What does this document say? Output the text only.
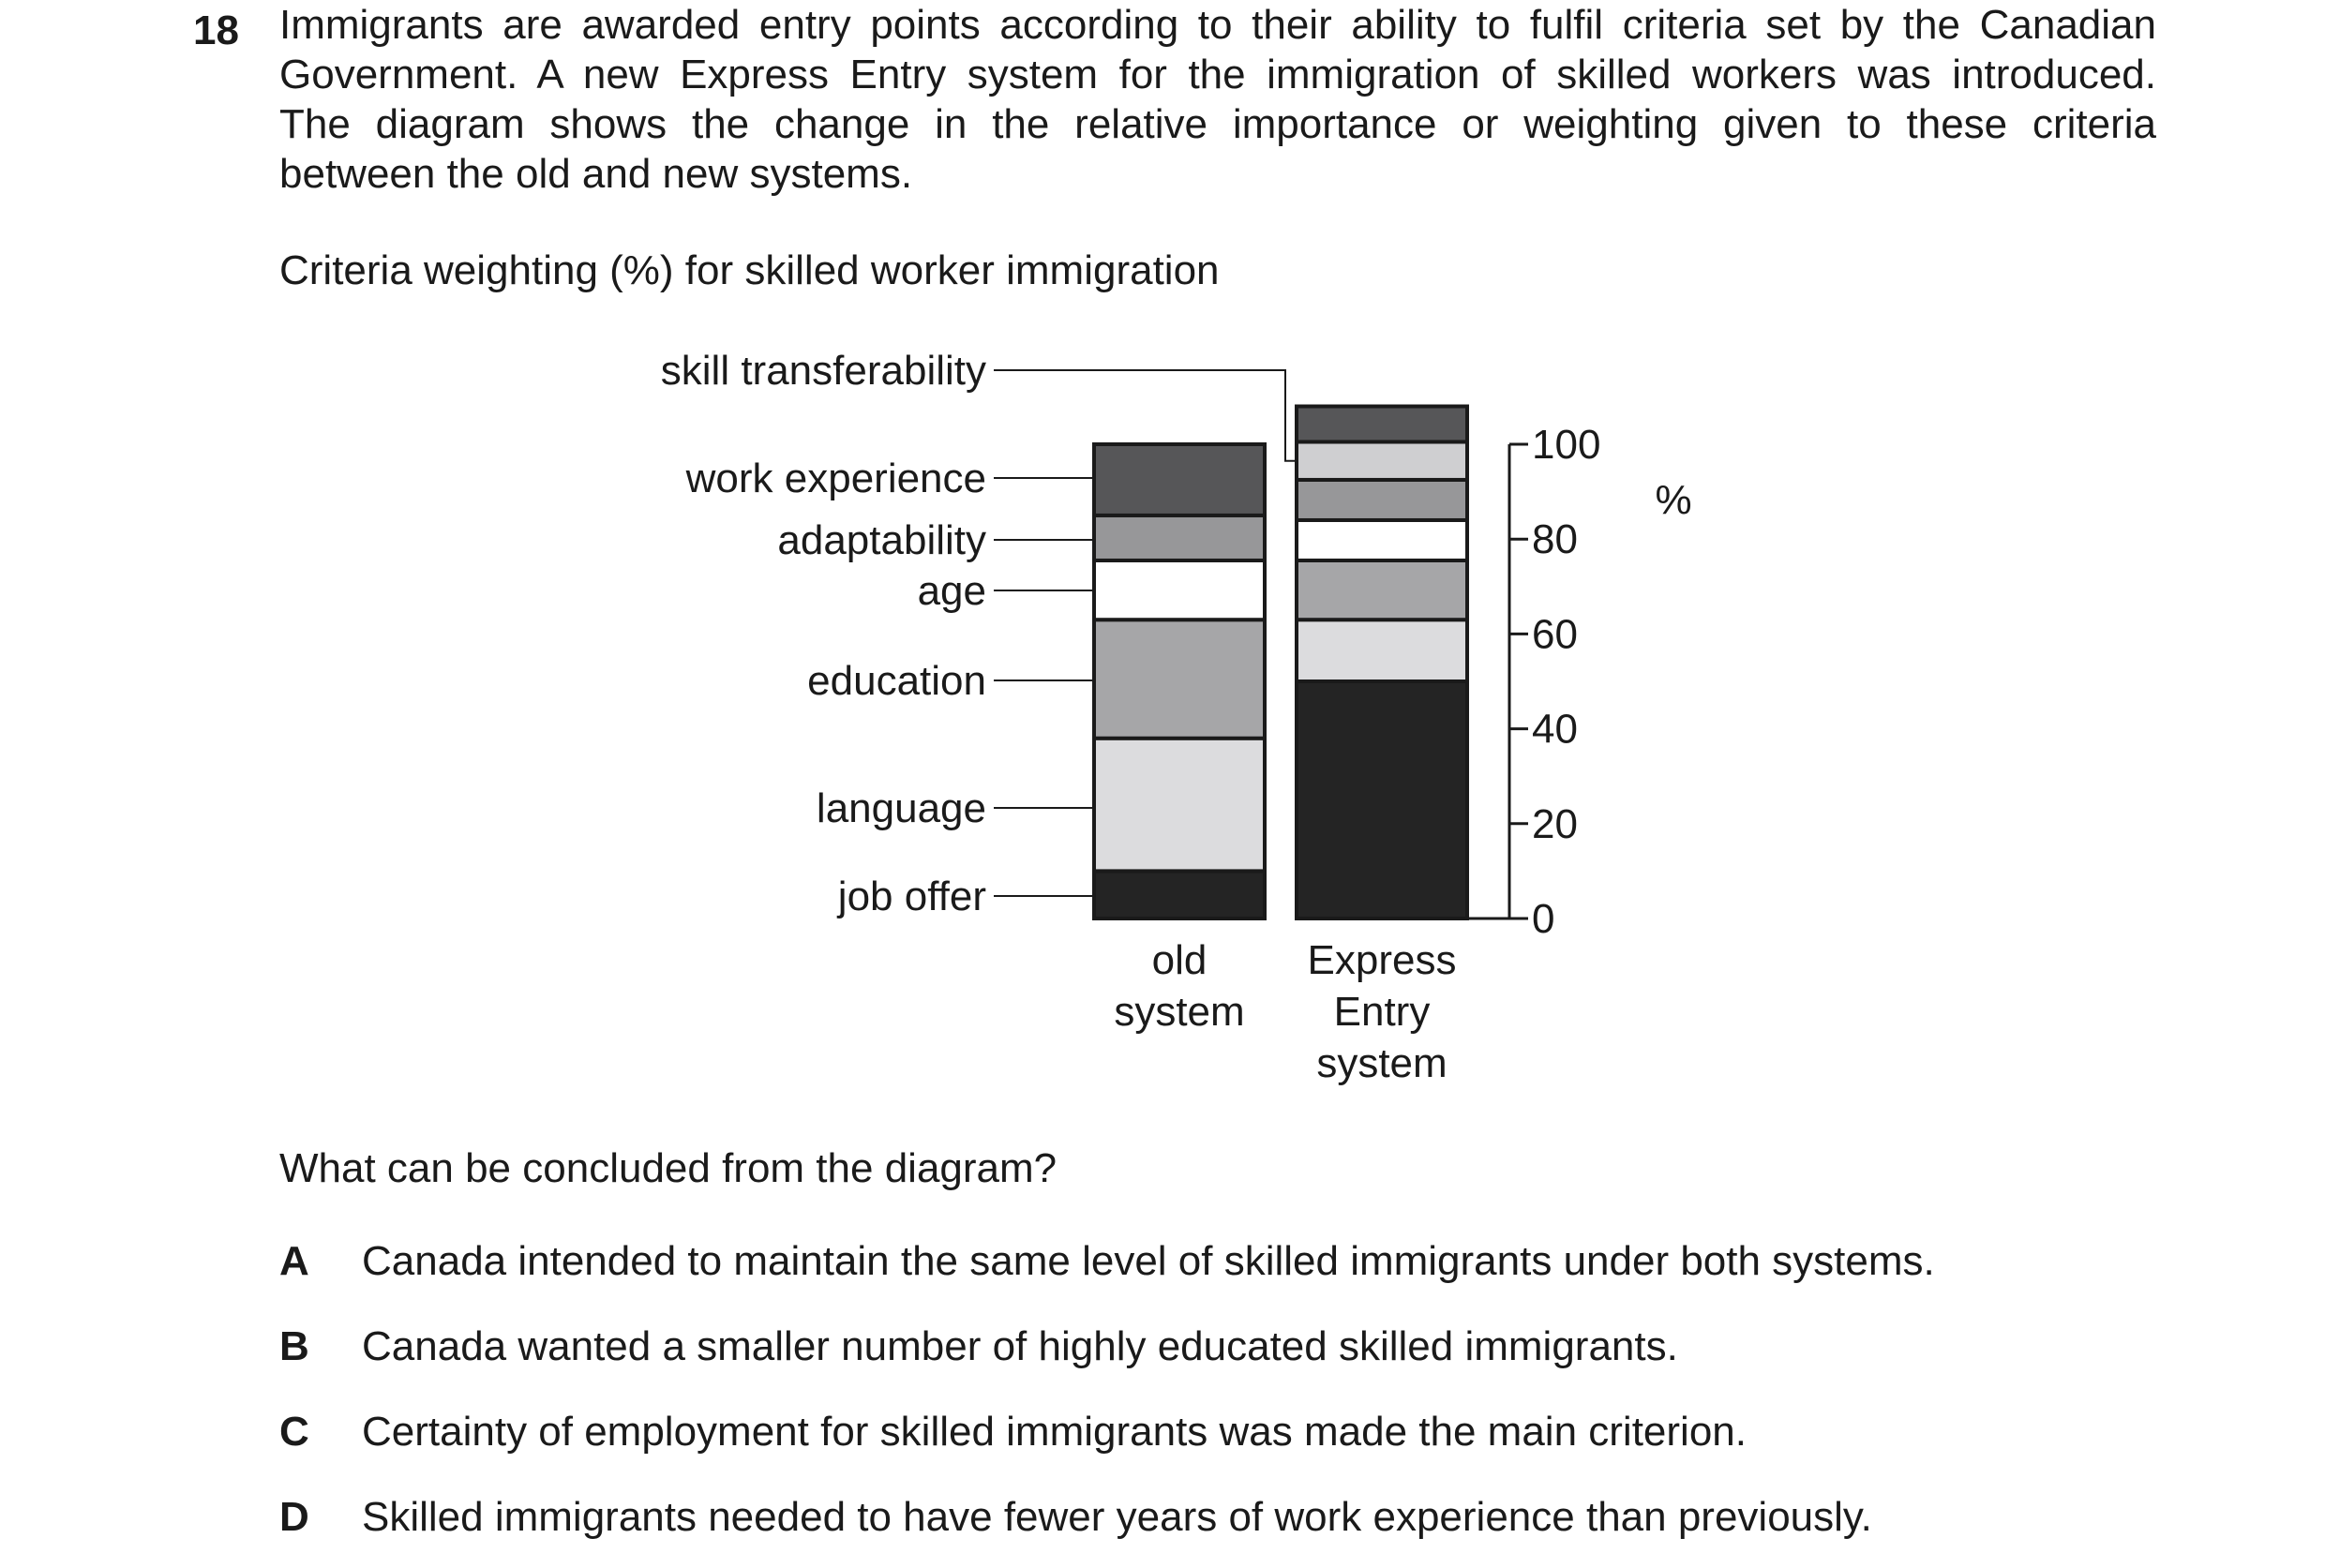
18 Immigrants are awarded entry points according to their ability to fulfil criteria set by the Canadian
Government. A new Express Entry system for the immigration of skilled workers was introduced.
The diagram shows the change in the relative importance or weighting given to these criteria
between the old and new systems.
Criteria weighting (%) for skilled worker immigration
old
system
Express
Entry
system
0
20
40
60
80
100
%
skill transferability
work experience
adaptability
age
education
language
job offer
What can be concluded from the diagram?
A Canada intended to maintain the same level of skilled immigrants under both systems.
B Canada wanted a smaller number of highly educated skilled immigrants.
C Certainty of employment for skilled immigrants was made the main criterion.
D Skilled immigrants needed to have fewer years of work experience than previously.
